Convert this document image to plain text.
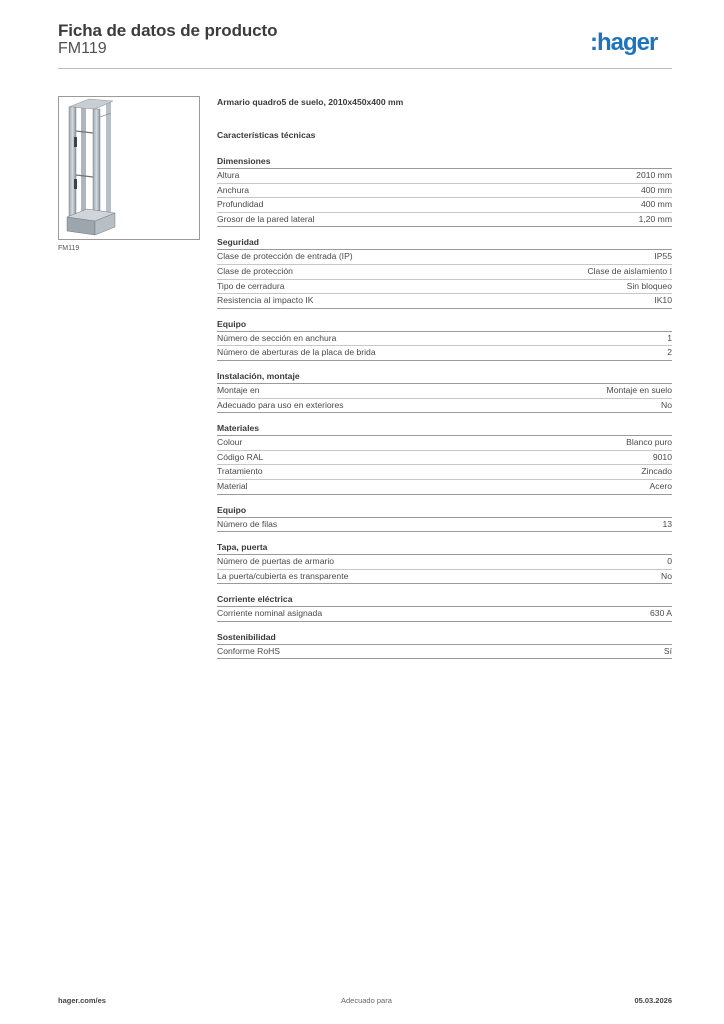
Ficha de datos de producto
FM119	:hager
FM119
Armario quadro5 de suelo, 2010x450x400 mm
Características técnicas
Dimensiones
Altura	2010 mm
Anchura	400 mm
Profundidad	400 mm
Grosor de la pared lateral	1,20 mm
Seguridad
Clase de protección de entrada (IP)	IP55
Clase de protección	Clase de aislamiento I
Tipo de cerradura	Sin bloqueo
Resistencia al impacto IK	IK10
Equipo
Número de sección en anchura	1
Número de aberturas de la placa de brida	2
Instalación, montaje
Montaje en	Montaje en suelo
Adecuado para uso en exteriores	No
Materiales
Colour	Blanco puro
Código RAL	9010
Tratamiento	Zincado
Material	Acero
Equipo
Número de filas	13
Tapa, puerta
Número de puertas de armario	0
La puerta/cubierta es transparente	No
Corriente eléctrica
Corriente nominal asignada	630 A
Sostenibilidad
Conforme RoHS	Sí
hager.com/es	Adecuado para	05.03.2026
